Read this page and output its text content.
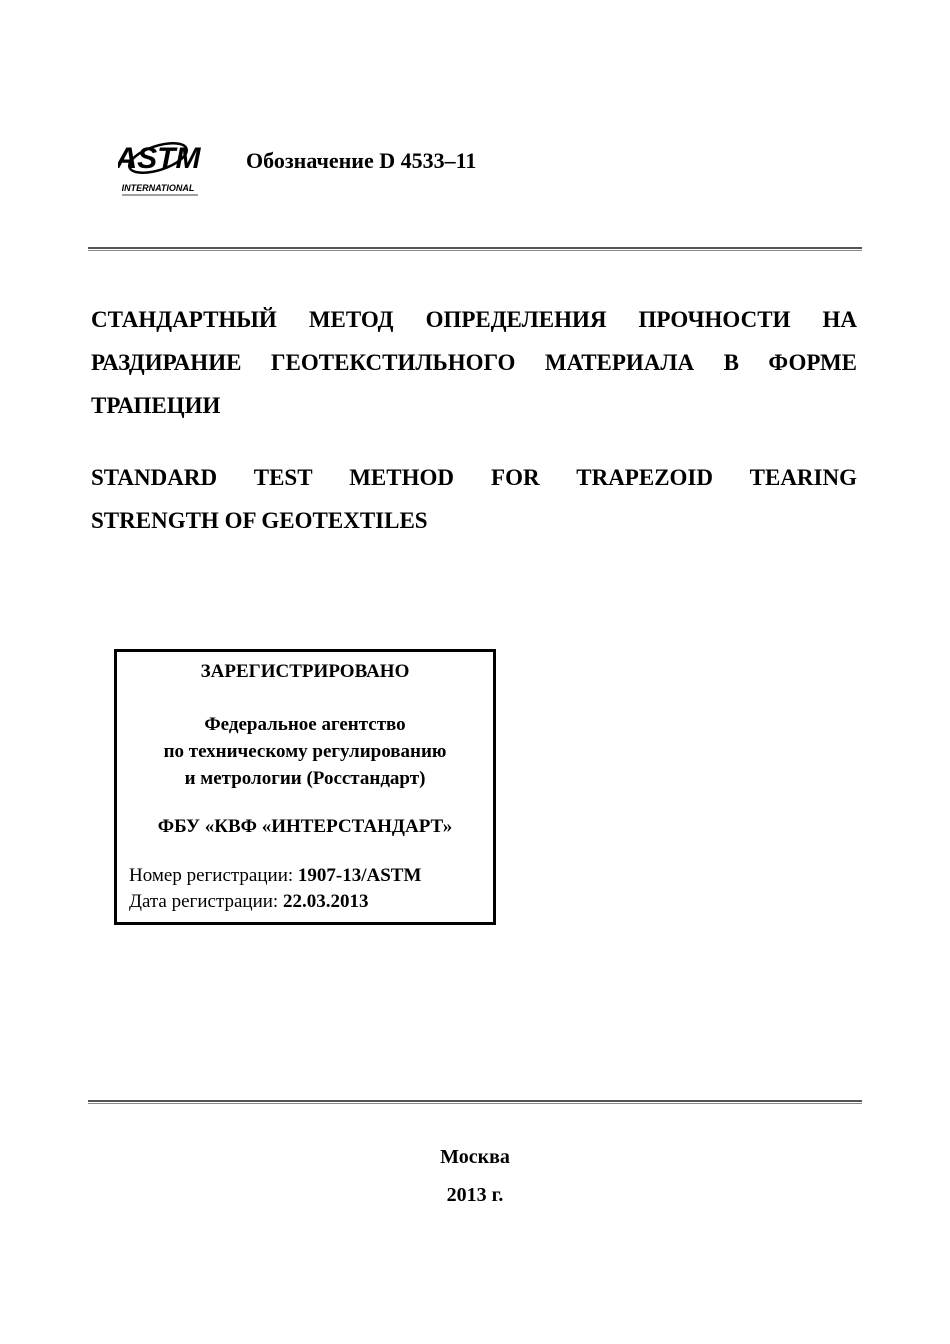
ASTM
INTERNATIONAL
Обозначение D 4533–11
СТАНДАРТНЫЙ МЕТОД ОПРЕДЕЛЕНИЯ ПРОЧНОСТИ НА
РАЗДИРАНИЕ ГЕОТЕКСТИЛЬНОГО МАТЕРИАЛА В ФОРМЕ
ТРАПЕЦИИ
STANDARD TEST METHOD FOR TRAPEZOID TEARING
STRENGTH OF GEOTEXTILES
ЗАРЕГИСТРИРОВАНО
Федеральное агентство
по техническому регулированию
и метрологии (Росстандарт)
ФБУ «КВФ «ИНТЕРСТАНДАРТ»
Номер регистрации: 1907-13/ASTM
Дата регистрации: 22.03.2013
Москва
2013 г.
